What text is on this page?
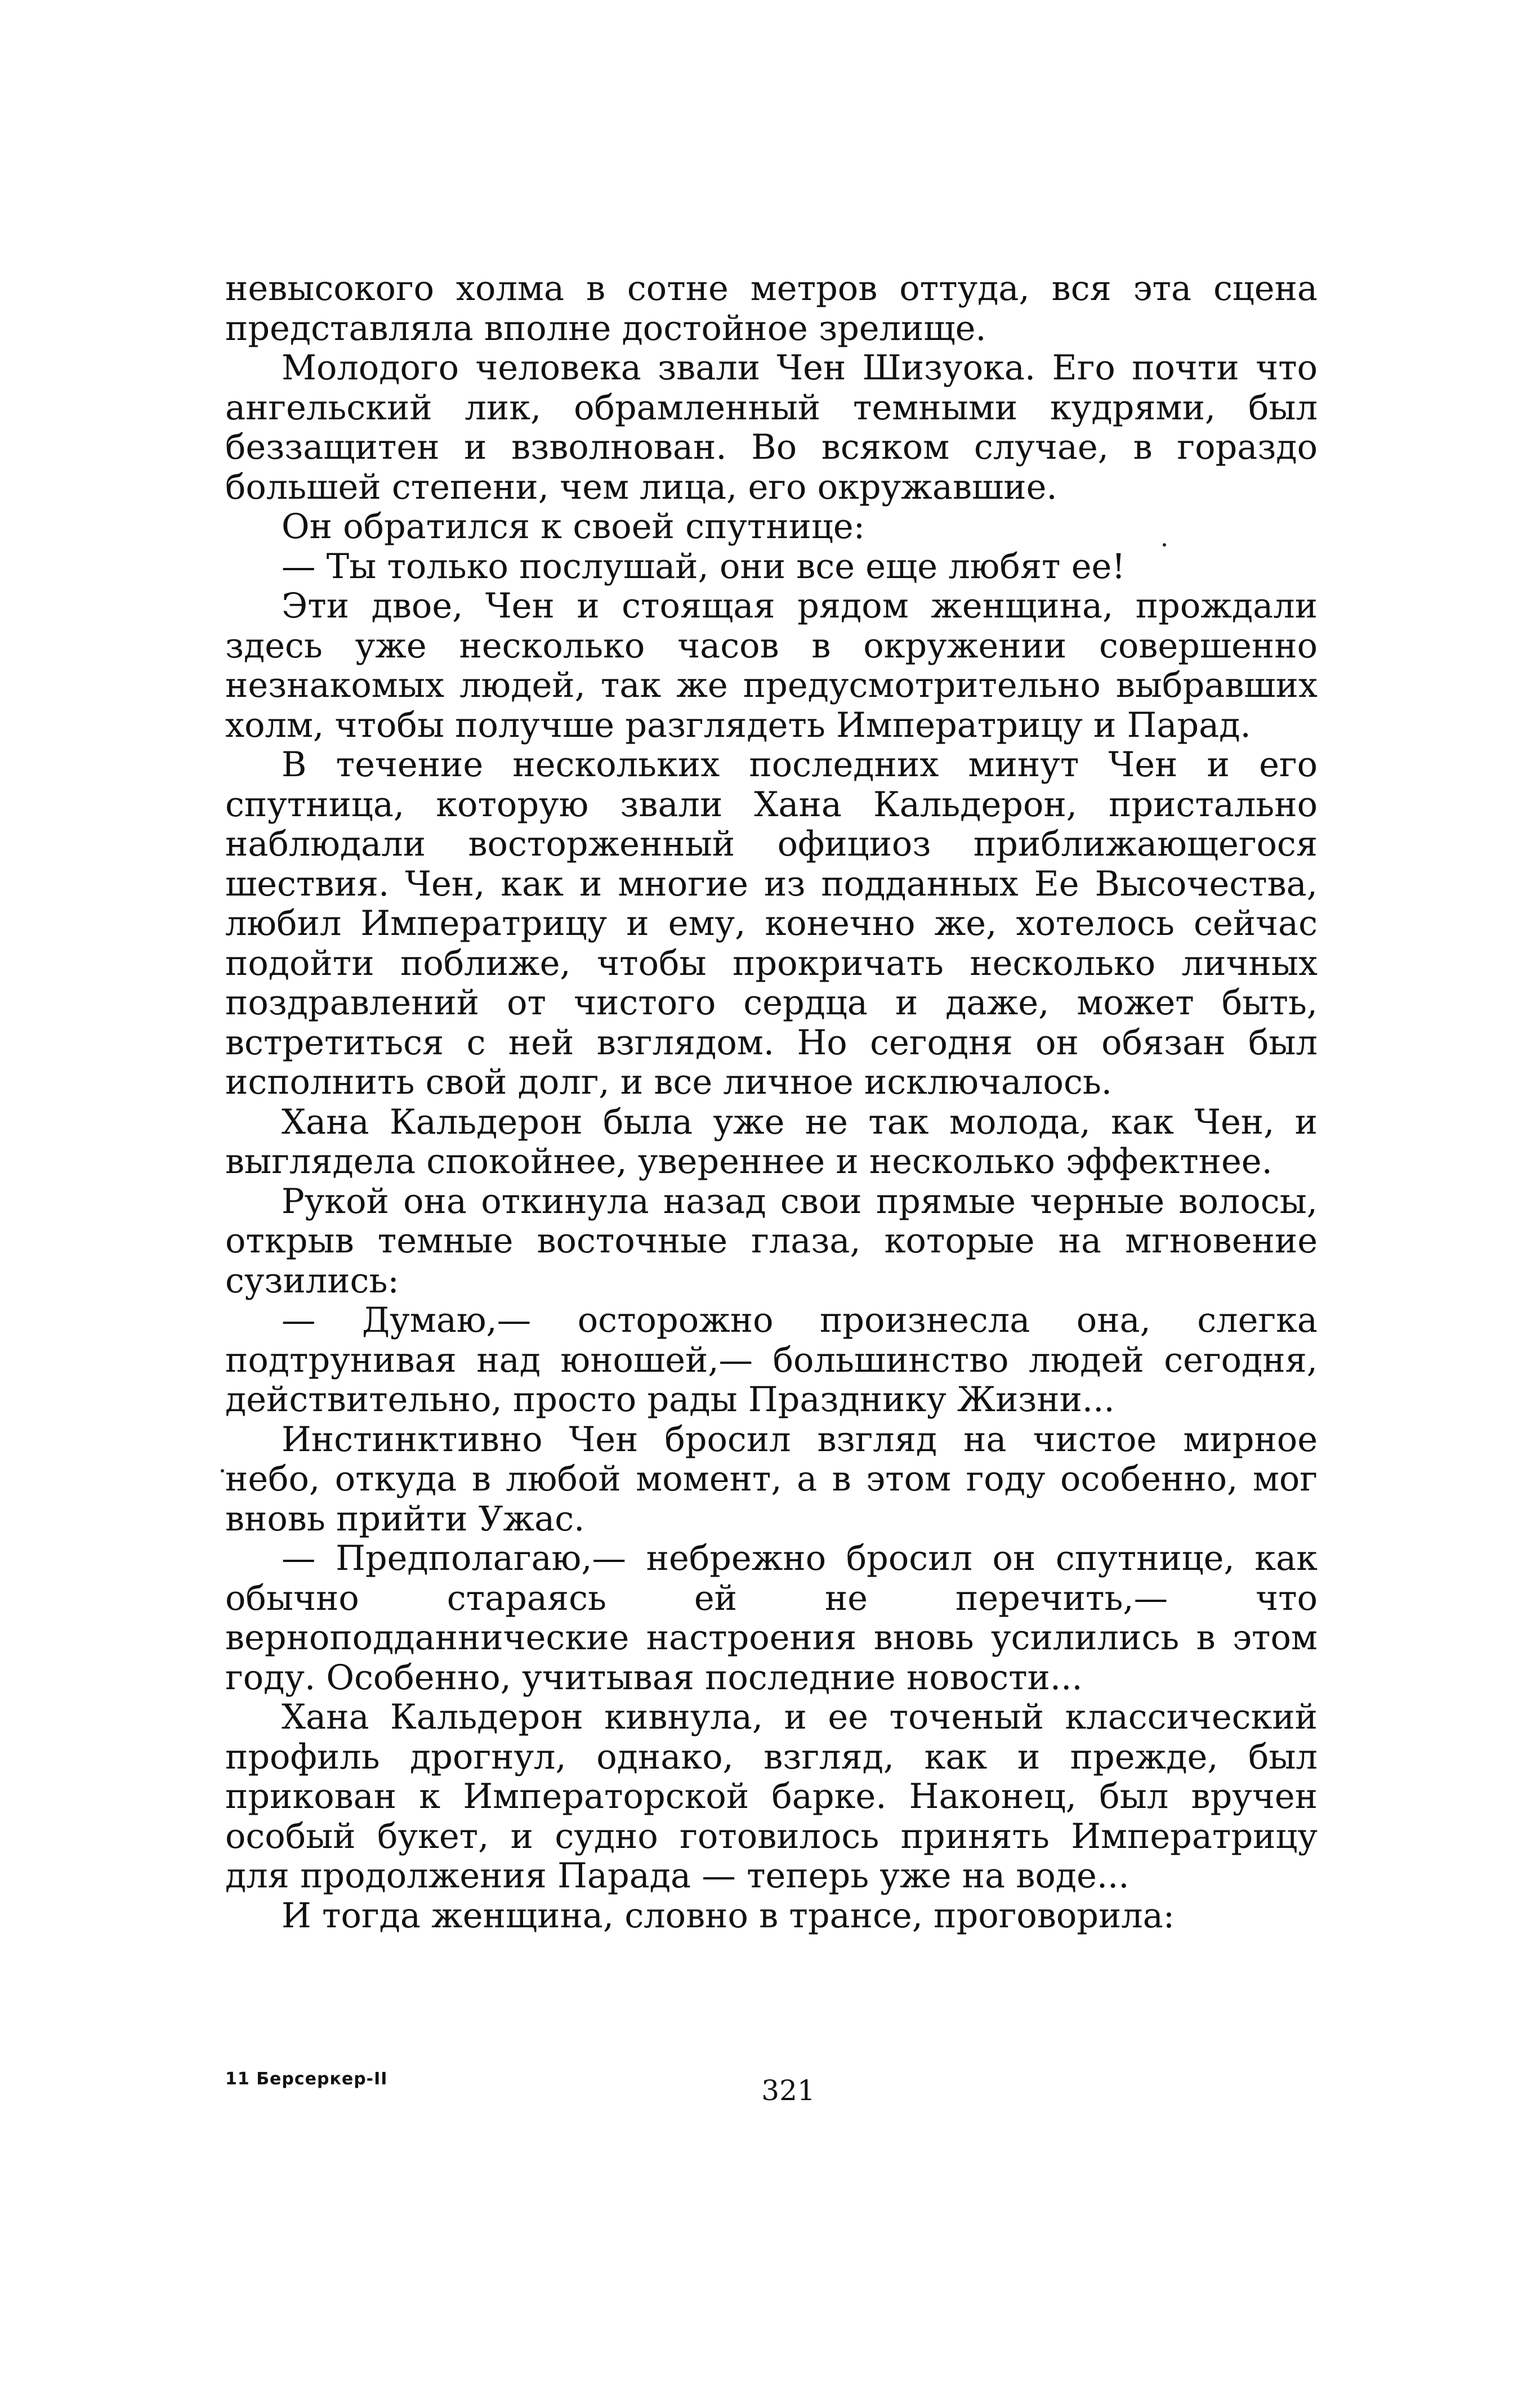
невысокого холма в сотне метров оттуда, вся эта сцена представляла вполне достойное зрелище.

Молодого человека звали Чен Шизуока. Его почти что ангельский лик, обрамленный темными кудрями, был беззащитен и взволнован. Во всяком случае, в гораздо большей степени, чем лица, его окружавшие.

Он обратился к своей спутнице:

— Ты только послушай, они все еще любят ее!

Эти двое, Чен и стоящая рядом женщина, прождали здесь уже несколько часов в окружении совершенно незнакомых людей, так же предусмотрительно выбравших холм, чтобы получше разглядеть Императрицу и Парад.

В течение нескольких последних минут Чен и его спутница, которую звали Хана Кальдерон, пристально наблюдали восторженный официоз приближающегося шествия. Чен, как и многие из подданных Ее Высочества, любил Императрицу и ему, конечно же, хотелось сейчас подойти поближе, чтобы прокричать несколько личных поздравлений от чистого сердца и даже, может быть, встретиться с ней взглядом. Но сегодня он обязан был исполнить свой долг, и все личное исключалось.

Хана Кальдерон была уже не так молода, как Чен, и выглядела спокойнее, увереннее и несколько эффектнее.

Рукой она откинула назад свои прямые черные волосы, открыв темные восточные глаза, которые на мгновение сузились:

— Думаю,— осторожно произнесла она, слегка подтрунивая над юношей,— большинство людей сегодня, действительно, просто рады Празднику Жизни...

Инстинктивно Чен бросил взгляд на чистое мирное небо, откуда в любой момент, а в этом году особенно, мог вновь прийти Ужас.

— Предполагаю,— небрежно бросил он спутнице, как обычно стараясь ей не перечить,— что верноподданнические настроения вновь усилились в этом году. Особенно, учитывая последние новости...

Хана Кальдерон кивнула, и ее точеный классический профиль дрогнул, однако, взгляд, как и прежде, был прикован к Императорской барке. Наконец, был вручен особый букет, и судно готовилось принять Императрицу для продолжения Парада — теперь уже на воде...

И тогда женщина, словно в трансе, проговорила:

11 Берсеркер-II	321
